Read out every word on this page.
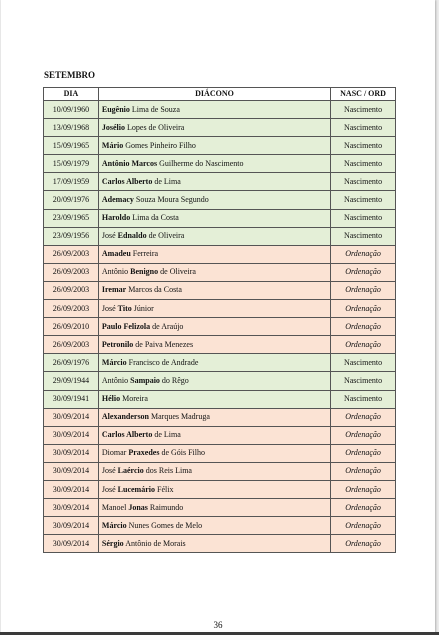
SETEMBRO
DIA	DIÁCONO	NASC / ORD
10/09/1960	Eugênio Lima de Souza	Nascimento
13/09/1968	Josélio Lopes de Oliveira	Nascimento
15/09/1965	Mário Gomes Pinheiro Filho	Nascimento
15/09/1979	Antônio Marcos Guilherme do Nascimento	Nascimento
17/09/1959	Carlos Alberto de Lima	Nascimento
20/09/1976	Ademacy Souza Moura Segundo	Nascimento
23/09/1965	Haroldo Lima da Costa	Nascimento
23/09/1956	José Ednaldo de Oliveira	Nascimento
26/09/2003	Amadeu Ferreira	Ordenação
26/09/2003	Antônio Benigno de Oliveira	Ordenação
26/09/2003	Iremar Marcos da Costa	Ordenação
26/09/2003	José Tito Júnior	Ordenação
26/09/2010	Paulo Felizola de Araújo	Ordenação
26/09/2003	Petronilo de Paiva Menezes	Ordenação
26/09/1976	Márcio Francisco de Andrade	Nascimento
29/09/1944	Antônio Sampaio do Rêgo	Nascimento
30/09/1941	Hélio Moreira	Nascimento
30/09/2014	Alexanderson Marques Madruga	Ordenação
30/09/2014	Carlos Alberto de Lima	Ordenação
30/09/2014	Diomar Praxedes de Góis Filho	Ordenação
30/09/2014	José Laércio dos Reis Lima	Ordenação
30/09/2014	José Lucemário Félix	Ordenação
30/09/2014	Manoel Jonas Raimundo	Ordenação
30/09/2014	Márcio Nunes Gomes de Melo	Ordenação
30/09/2014	Sérgio Antônio de Morais	Ordenação
36
